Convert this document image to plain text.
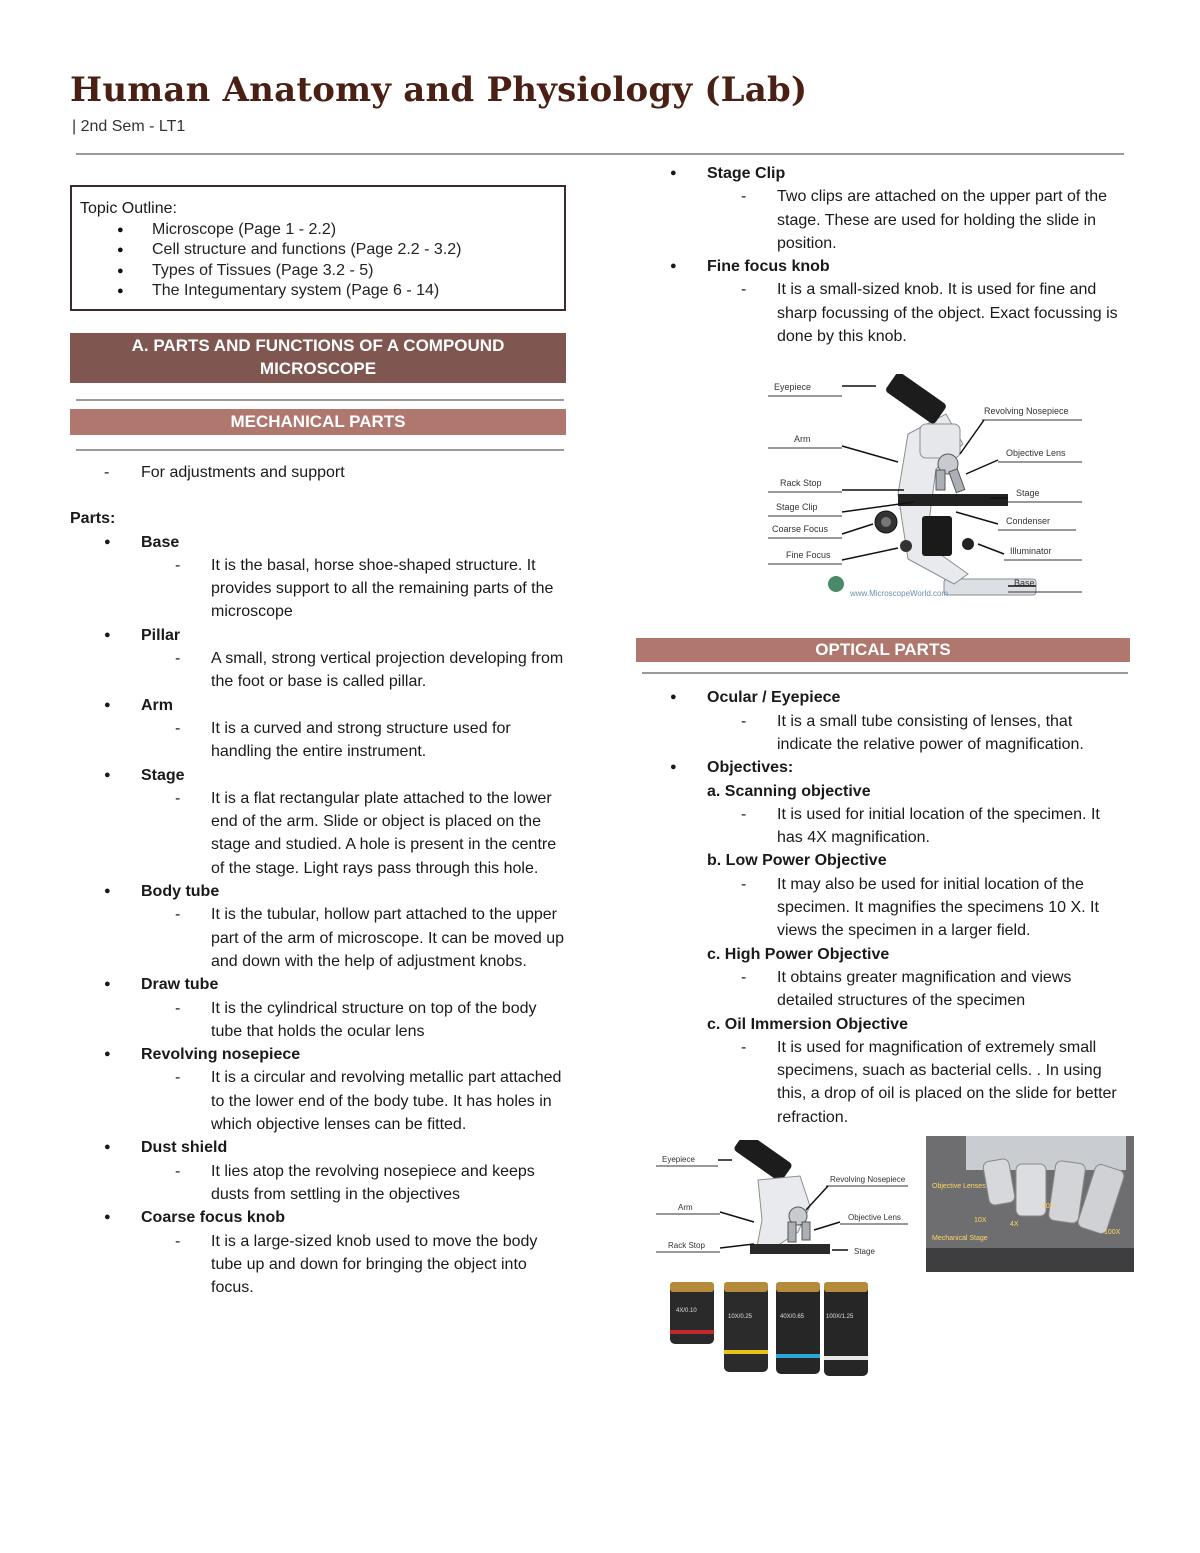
Human Anatomy and Physiology (Lab)
| 2nd Sem - LT1
Topic Outline:
● Microscope (Page 1 - 2.2)
● Cell structure and functions (Page 2.2 - 3.2)
● Types of Tissues (Page 3.2 - 5)
● The Integumentary system (Page 6 - 14)
A. PARTS AND FUNCTIONS OF A COMPOUND MICROSCOPE
MECHANICAL PARTS
- For adjustments and support
Parts:
● Base
- It is the basal, horse shoe-shaped structure. It provides support to all the remaining parts of the microscope
● Pillar
- A small, strong vertical projection developing from the foot or base is called pillar.
● Arm
- It is a curved and strong structure used for handling the entire instrument.
● Stage
- It is a flat rectangular plate attached to the lower end of the arm. Slide or object is placed on the stage and studied. A hole is present in the centre of the stage. Light rays pass through this hole.
● Body tube
- It is the tubular, hollow part attached to the upper part of the arm of microscope. It can be moved up and down with the help of adjustment knobs.
● Draw tube
- It is the cylindrical structure on top of the body tube that holds the ocular lens
● Revolving nosepiece
- It is a circular and revolving metallic part attached to the lower end of the body tube. It has holes in which objective lenses can be fitted.
● Dust shield
- It lies atop the revolving nosepiece and keeps dusts from settling in the objectives
● Coarse focus knob
- It is a large-sized knob used to move the body tube up and down for bringing the object into focus.
● Stage Clip
- Two clips are attached on the upper part of the stage. These are used for holding the slide in position.
● Fine focus knob
- It is a small-sized knob. It is used for fine and sharp focussing of the object. Exact focussing is done by this knob.
Eyepiece
Arm
Rack Stop
Stage Clip
Coarse Focus
Fine Focus
Revolving Nosepiece
Objective Lens
Stage
Condenser
Illuminator
Base
www.MicroscopeWorld.com
OPTICAL PARTS
● Ocular / Eyepiece
- It is a small tube consisting of lenses, that indicate the relative power of magnification.
● Objectives:
a. Scanning objective
- It is used for initial location of the specimen. It has 4X magnification.
b. Low Power Objective
- It may also be used for initial location of the specimen. It magnifies the specimens 10 X. It views the specimen in a larger field.
c. High Power Objective
- It obtains greater magnification and views detailed structures of the specimen
c. Oil Immersion Objective
- It is used for magnification of extremely small specimens, suach as bacterial cells. . In using this, a drop of oil is placed on the slide for better refraction.
Eyepiece
Arm
Rack Stop
Revolving Nosepiece
Objective Lens
Stage
Objective Lenses
Mechanical Stage
10X
4X
40X
100X
4X/0.10
10X/0.25	40X/0.65	100X/1.25
